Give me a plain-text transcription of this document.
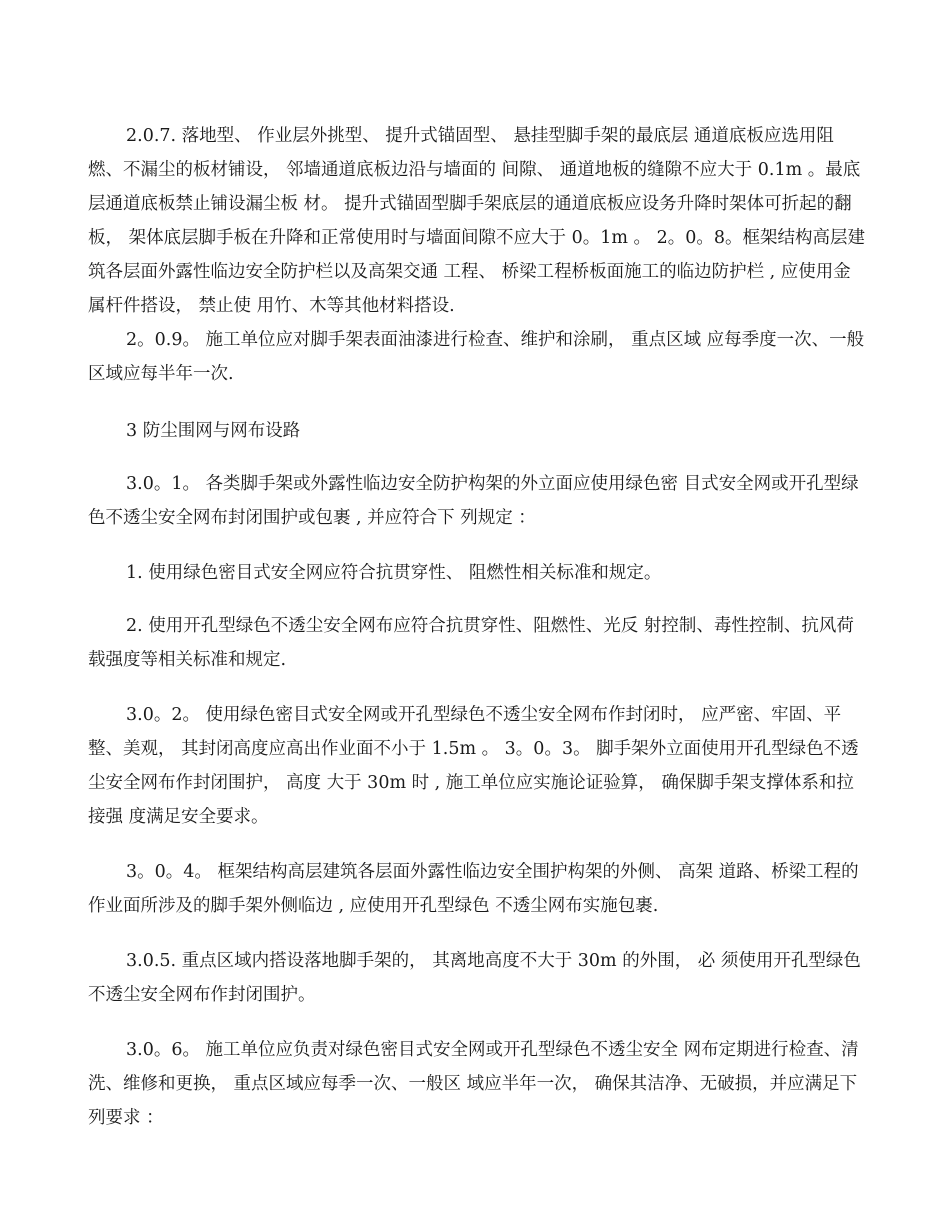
2.0.7. 落地型、 作业层外挑型、 提升式锚固型、 悬挂型脚手架的最底层 通道底板应选用阻燃、不漏尘的板材铺设， 邻墙通道底板边沿与墙面的 间隙、 通道地板的缝隙不应大于 0.1m 。最底层通道底板禁止铺设漏尘板 材。 提升式锚固型脚手架底层的通道底板应设务升降时架体可折起的翻 板， 架体底层脚手板在升降和正常使用时与墙面间隙不应大于 0。1m 。 2。0。8。框架结构高层建筑各层面外露性临边安全防护栏以及高架交通 工程、 桥梁工程桥板面施工的临边防护栏 , 应使用金属杆件搭设， 禁止使 用竹、木等其他材料搭设.

2。0.9。 施工单位应对脚手架表面油漆进行检查、维护和涂刷， 重点区域 应每季度一次、一般区域应每半年一次.

3 防尘围网与网布设路

3.0。1。 各类脚手架或外露性临边安全防护构架的外立面应使用绿色密 目式安全网或开孔型绿色不透尘安全网布封闭围护或包裹 , 并应符合下 列规定 ：

1. 使用绿色密目式安全网应符合抗贯穿性、 阻燃性相关标准和规定。

2. 使用开孔型绿色不透尘安全网布应符合抗贯穿性、阻燃性、光反 射控制、毒性控制、抗风荷载强度等相关标准和规定.

3.0。2。 使用绿色密目式安全网或开孔型绿色不透尘安全网布作封闭时， 应严密、牢固、平整、美观， 其封闭高度应高出作业面不小于 1.5m 。 3。0。3。 脚手架外立面使用开孔型绿色不透尘安全网布作封闭围护， 高度 大于 30m 时 , 施工单位应实施论证验算， 确保脚手架支撑体系和拉接强 度满足安全要求。

3。0。4。 框架结构高层建筑各层面外露性临边安全围护构架的外侧、 高架 道路、桥梁工程的作业面所涉及的脚手架外侧临边 , 应使用开孔型绿色 不透尘网布实施包裹.

3.0.5. 重点区域内搭设落地脚手架的， 其离地高度不大于 30m 的外围， 必 须使用开孔型绿色不透尘安全网布作封闭围护。

3.0。6。 施工单位应负责对绿色密目式安全网或开孔型绿色不透尘安全 网布定期进行检查、清洗、维修和更换， 重点区域应每季一次、一般区 域应半年一次， 确保其洁净、无破损，并应满足下列要求 ：
